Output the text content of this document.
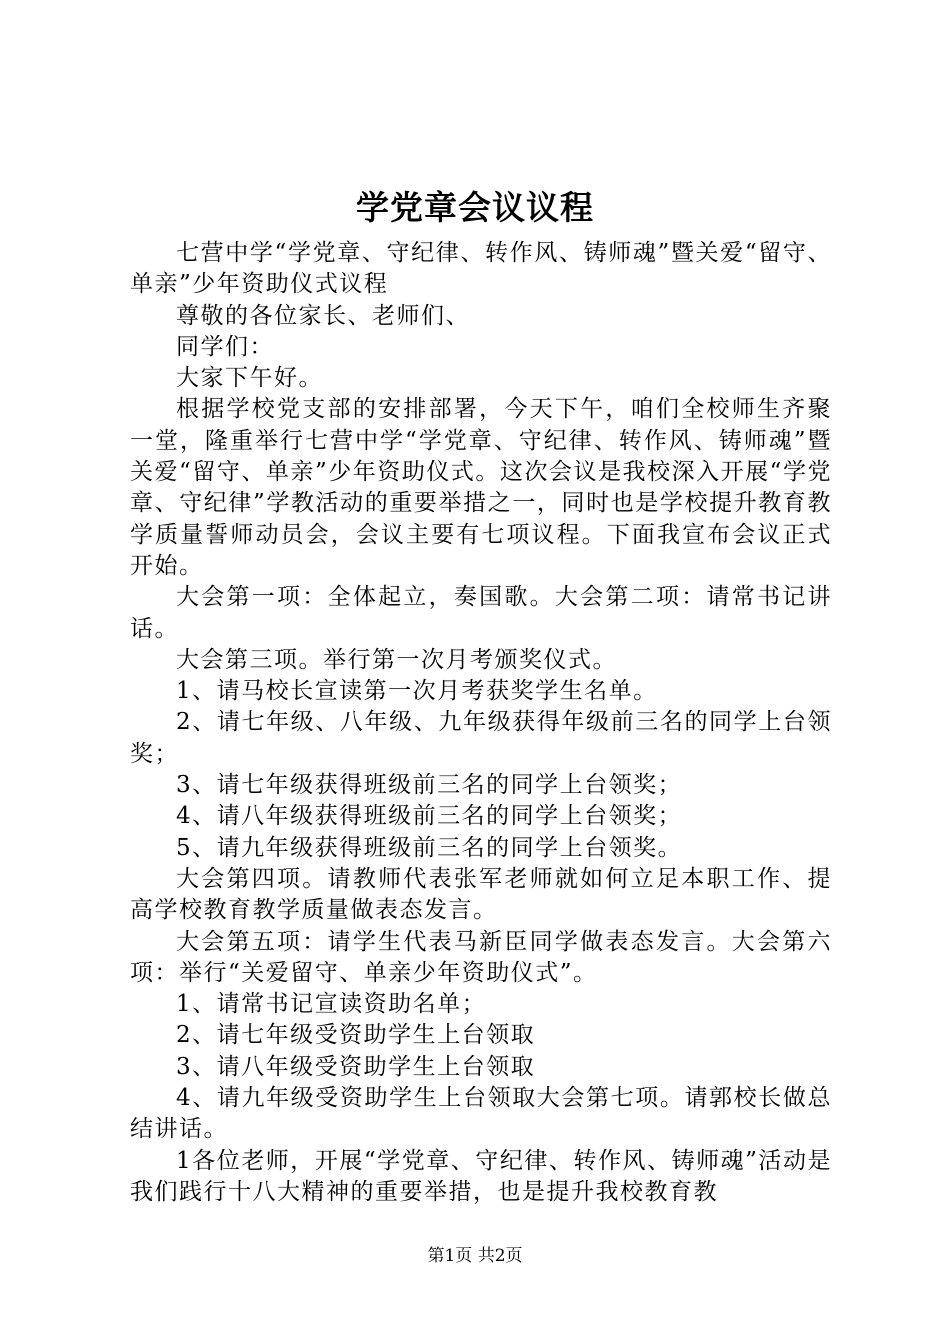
学党章会议议程

七营中学“学党章、守纪律、转作风、铸师魂”暨关爱“留守、单亲”少年资助仪式议程

尊敬的各位家长、老师们、

同学们：

大家下午好。

根据学校党支部的安排部署，今天下午，咱们全校师生齐聚一堂，隆重举行七营中学“学党章、守纪律、转作风、铸师魂”暨关爱“留守、单亲”少年资助仪式。这次会议是我校深入开展“学党章、守纪律”学教活动的重要举措之一，同时也是学校提升教育教学质量誓师动员会，会议主要有七项议程。下面我宣布会议正式开始。

大会第一项：全体起立，奏国歌。大会第二项：请常书记讲话。

大会第三项。举行第一次月考颁奖仪式。

1、请马校长宣读第一次月考获奖学生名单。

2、请七年级、八年级、九年级获得年级前三名的同学上台领奖；

3、请七年级获得班级前三名的同学上台领奖；

4、请八年级获得班级前三名的同学上台领奖；

5、请九年级获得班级前三名的同学上台领奖。

大会第四项。请教师代表张军老师就如何立足本职工作、提高学校教育教学质量做表态发言。

大会第五项：请学生代表马新臣同学做表态发言。大会第六项：举行“关爱留守、单亲少年资助仪式”。

1、请常书记宣读资助名单；

2、请七年级受资助学生上台领取

3、请八年级受资助学生上台领取

4、请九年级受资助学生上台领取大会第七项。请郭校长做总结讲话。

1各位老师，开展“学党章、守纪律、转作风、铸师魂”活动是我们践行十八大精神的重要举措，也是提升我校教育教

第1页 共2页
